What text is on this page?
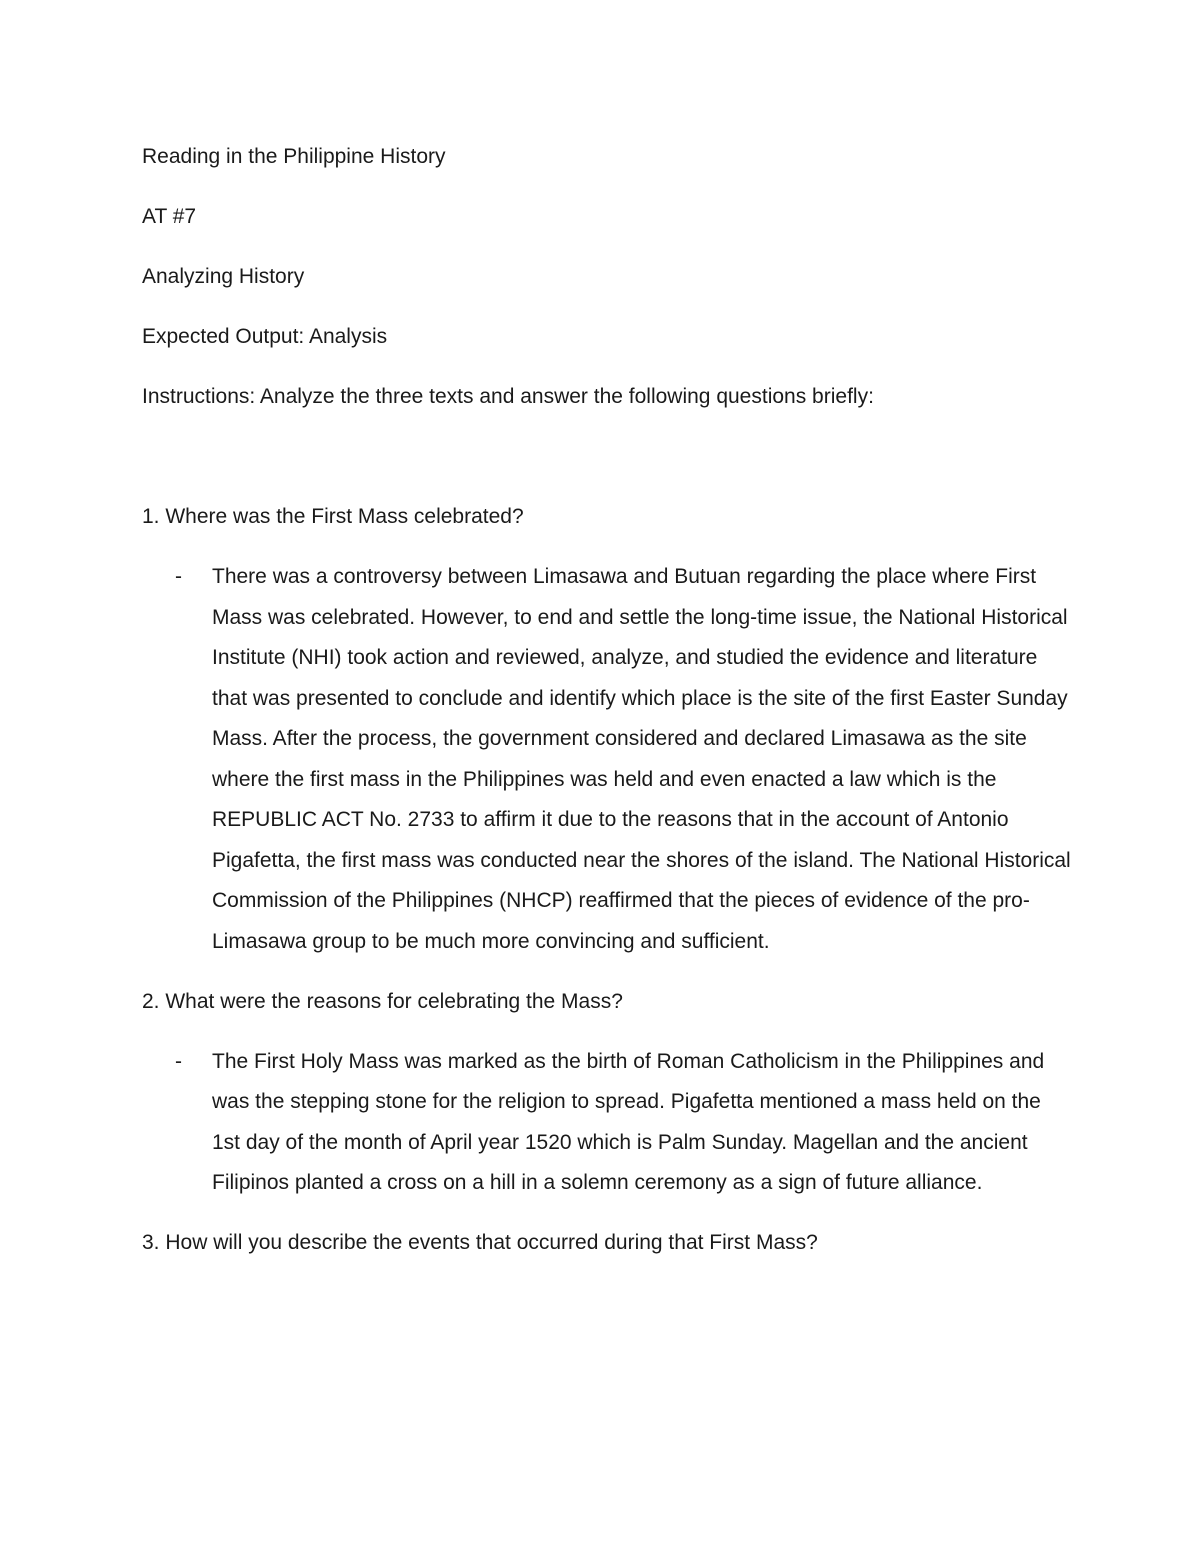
Reading in the Philippine History

AT #7

Analyzing History

Expected Output: Analysis

Instructions: Analyze the three texts and answer the following questions briefly:

1. Where was the First Mass celebrated?

-	There was a controversy between Limasawa and Butuan regarding the place where First Mass was celebrated. However, to end and settle the long-time issue, the National Historical Institute (NHI) took action and reviewed, analyze, and studied the evidence and literature that was presented to conclude and identify which place is the site of the first Easter Sunday Mass. After the process, the government considered and declared Limasawa as the site where the first mass in the Philippines was held and even enacted a law which is the REPUBLIC ACT No. 2733 to affirm it due to the reasons that in the account of Antonio Pigafetta, the first mass was conducted near the shores of the island. The National Historical Commission of the Philippines (NHCP) reaffirmed that the pieces of evidence of the pro-Limasawa group to be much more convincing and sufficient.

2. What were the reasons for celebrating the Mass?

-	The First Holy Mass was marked as the birth of Roman Catholicism in the Philippines and was the stepping stone for the religion to spread. Pigafetta mentioned a mass held on the 1st day of the month of April year 1520 which is Palm Sunday. Magellan and the ancient Filipinos planted a cross on a hill in a solemn ceremony as a sign of future alliance.

3. How will you describe the events that occurred during that First Mass?
